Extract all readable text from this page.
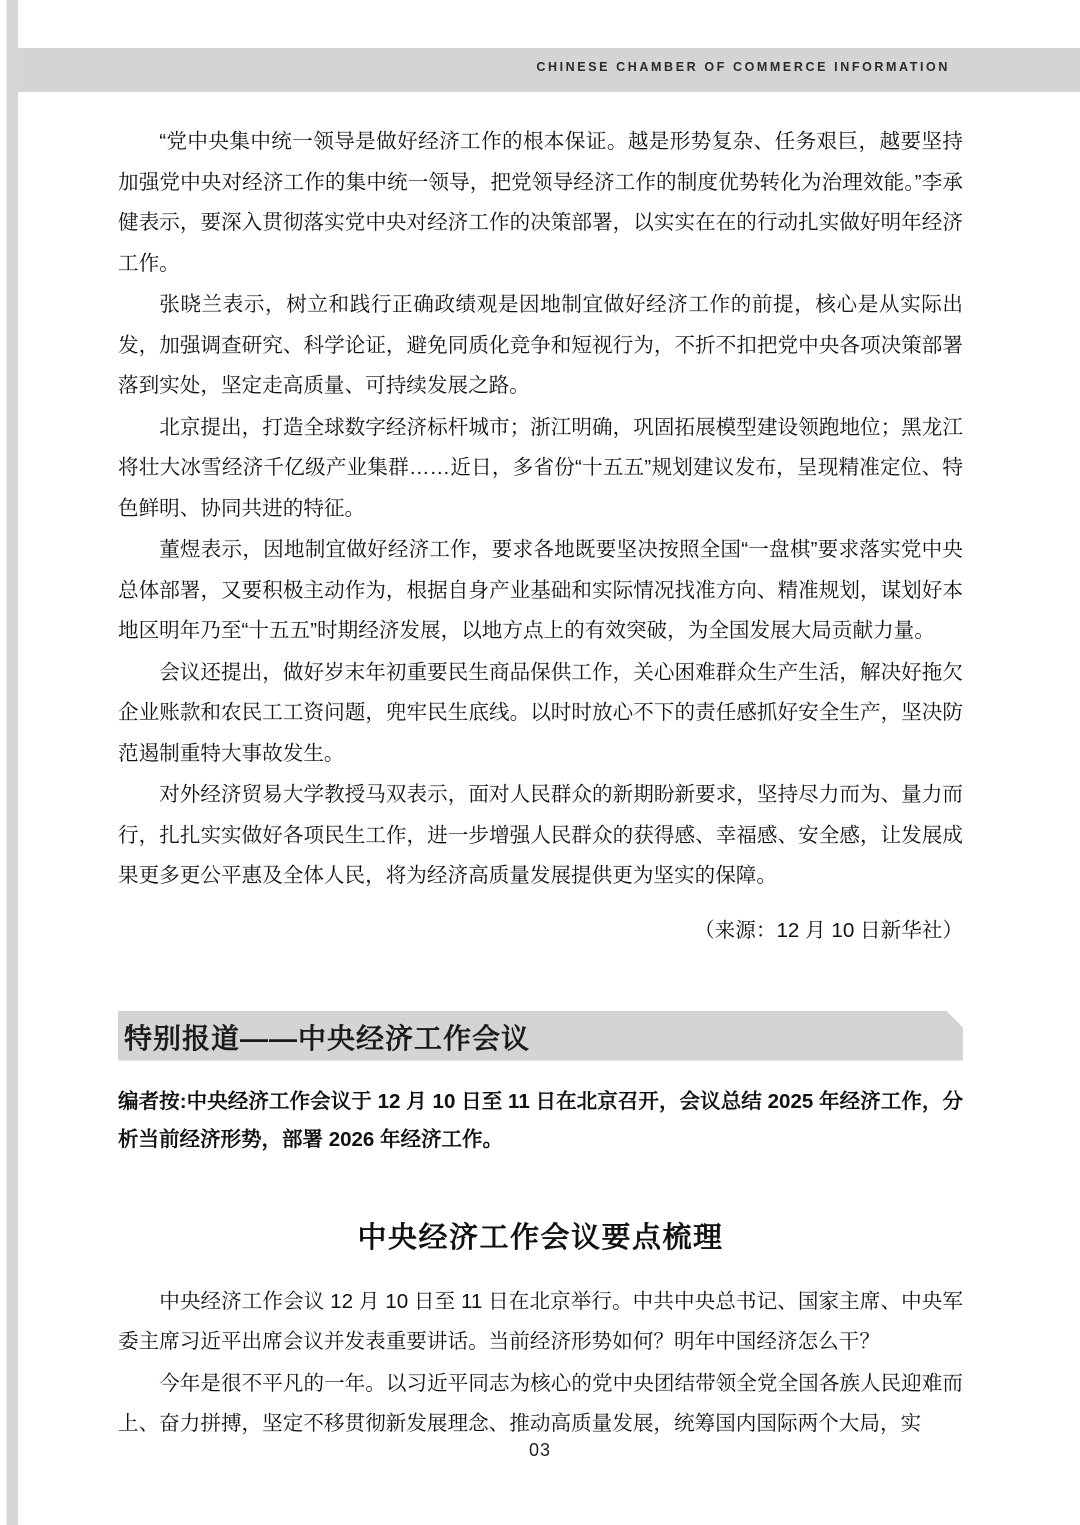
CHINESE CHAMBER OF COMMERCE INFORMATION

“党中央集中统一领导是做好经济工作的根本保证。越是形势复杂、任务艰巨，越要坚持加强党中央对经济工作的集中统一领导，把党领导经济工作的制度优势转化为治理效能。”李承健表示，要深入贯彻落实党中央对经济工作的决策部署，以实实在在的行动扎实做好明年经济工作。

张晓兰表示，树立和践行正确政绩观是因地制宜做好经济工作的前提，核心是从实际出发，加强调查研究、科学论证，避免同质化竞争和短视行为，不折不扣把党中央各项决策部署落到实处，坚定走高质量、可持续发展之路。

北京提出，打造全球数字经济标杆城市；浙江明确，巩固拓展模型建设领跑地位；黑龙江将壮大冰雪经济千亿级产业集群……近日，多省份“十五五”规划建议发布，呈现精准定位、特色鲜明、协同共进的特征。

董煜表示，因地制宜做好经济工作，要求各地既要坚决按照全国“一盘棋”要求落实党中央总体部署，又要积极主动作为，根据自身产业基础和实际情况找准方向、精准规划，谋划好本地区明年乃至“十五五”时期经济发展，以地方点上的有效突破，为全国发展大局贡献力量。

会议还提出，做好岁末年初重要民生商品保供工作，关心困难群众生产生活，解决好拖欠企业账款和农民工工资问题，兜牢民生底线。以时时放心不下的责任感抓好安全生产，坚决防范遏制重特大事故发生。

对外经济贸易大学教授马双表示，面对人民群众的新期盼新要求，坚持尽力而为、量力而行，扎扎实实做好各项民生工作，进一步增强人民群众的获得感、幸福感、安全感，让发展成果更多更公平惠及全体人民，将为经济高质量发展提供更为坚实的保障。

（来源：12 月 10 日新华社）

特别报道——中央经济工作会议
编者按:中央经济工作会议于 12 月 10 日至 11 日在北京召开，会议总结 2025 年经济工作，分析当前经济形势，部署 2026 年经济工作。
中央经济工作会议要点梳理

中央经济工作会议 12 月 10 日至 11 日在北京举行。中共中央总书记、国家主席、中央军委主席习近平出席会议并发表重要讲话。当前经济形势如何？明年中国经济怎么干？

今年是很不平凡的一年。以习近平同志为核心的党中央团结带领全党全国各族人民迎难而上、奋力拼搏，坚定不移贯彻新发展理念、推动高质量发展，统筹国内国际两个大局，实

03
